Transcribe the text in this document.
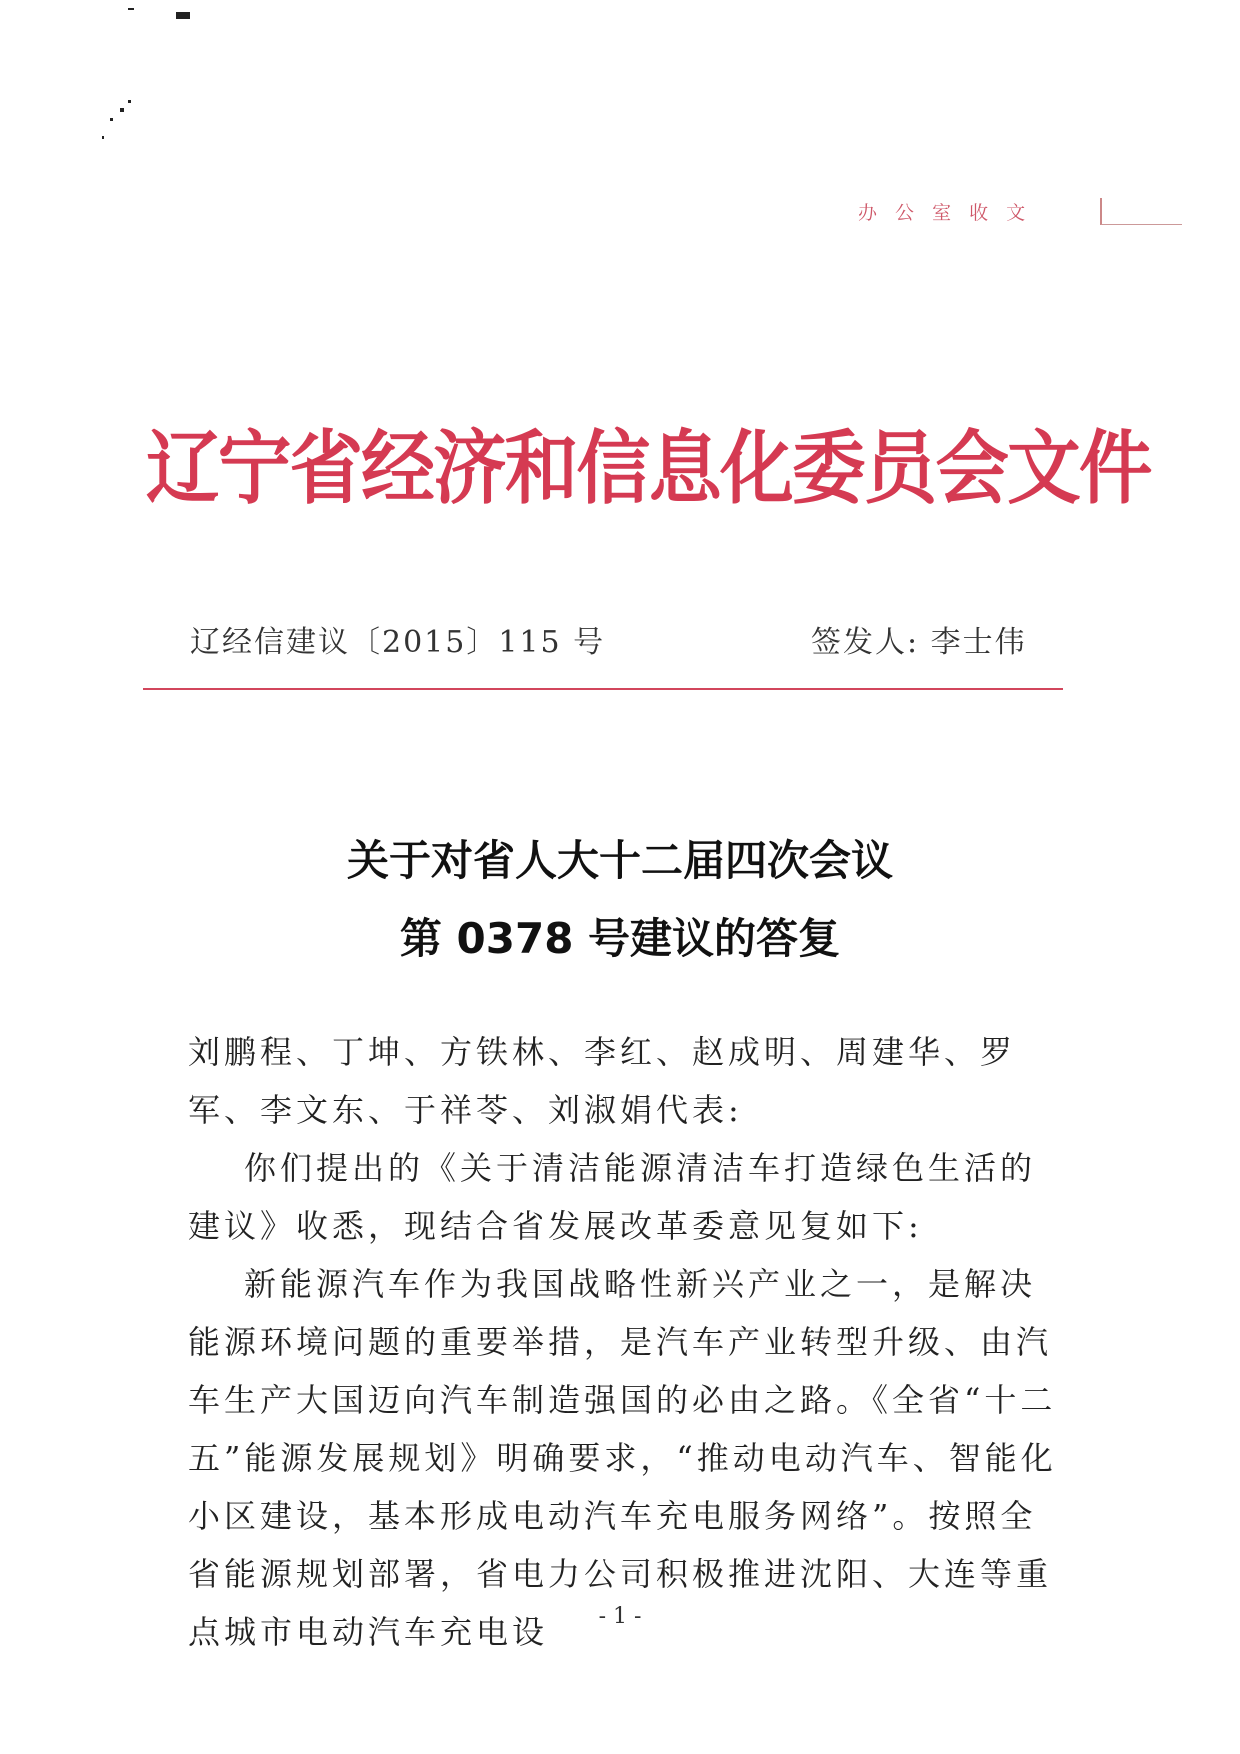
办 公 室 收 文
辽宁省经济和信息化委员会文件
辽经信建议〔2015〕115 号	签发人: 李士伟
关于对省人大十二届四次会议
第 0378 号建议的答复
刘鹏程、丁坤、方铁林、李红、赵成明、周建华、罗军、李文东、于祥苓、刘淑娟代表:
你们提出的《关于清洁能源清洁车打造绿色生活的建议》收悉，现结合省发展改革委意见复如下:
新能源汽车作为我国战略性新兴产业之一，是解决能源环境问题的重要举措，是汽车产业转型升级、由汽车生产大国迈向汽车制造强国的必由之路。《全省“十二五”能源发展规划》明确要求，“推动电动汽车、智能化小区建设，基本形成电动汽车充电服务网络”。按照全省能源规划部署，省电力公司积极推进沈阳、大连等重点城市电动汽车充电设	- 1 -
